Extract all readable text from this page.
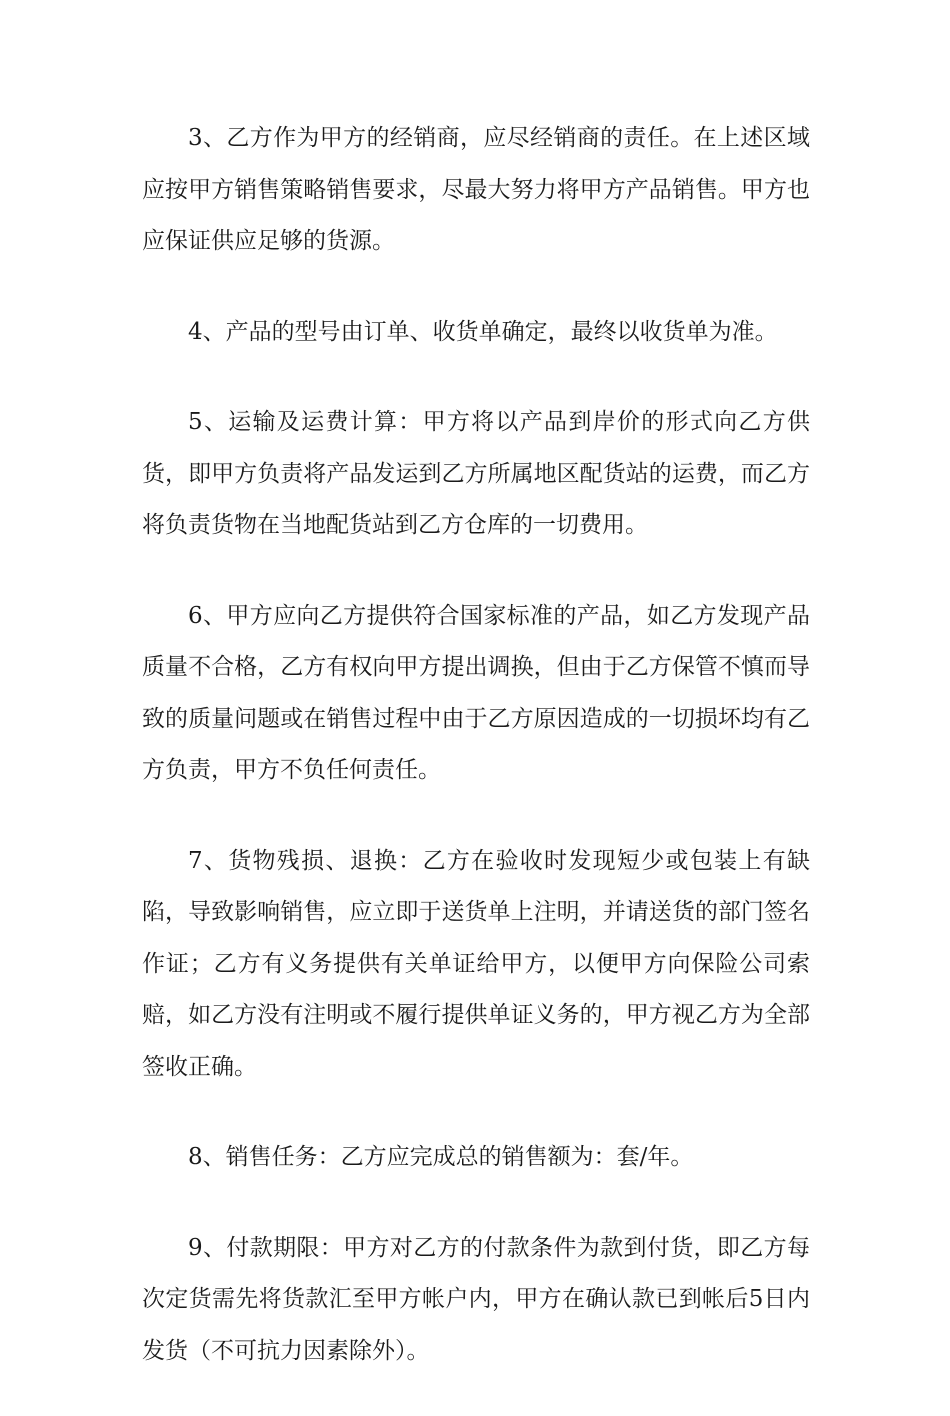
3、乙方作为甲方的经销商，应尽经销商的责任。在上述区域应按甲方销售策略销售要求，尽最大努力将甲方产品销售。甲方也应保证供应足够的货源。

4、产品的型号由订单、收货单确定，最终以收货单为准。

5、运输及运费计算：甲方将以产品到岸价的形式向乙方供货，即甲方负责将产品发运到乙方所属地区配货站的运费，而乙方将负责货物在当地配货站到乙方仓库的一切费用。

6、甲方应向乙方提供符合国家标准的产品，如乙方发现产品质量不合格，乙方有权向甲方提出调换，但由于乙方保管不慎而导致的质量问题或在销售过程中由于乙方原因造成的一切损坏均有乙方负责，甲方不负任何责任。

7、货物残损、退换：乙方在验收时发现短少或包装上有缺陷，导致影响销售，应立即于送货单上注明，并请送货的部门签名作证；乙方有义务提供有关单证给甲方，以便甲方向保险公司索赔，如乙方没有注明或不履行提供单证义务的，甲方视乙方为全部签收正确。

8、销售任务：乙方应完成总的销售额为：套/年。

9、付款期限：甲方对乙方的付款条件为款到付货，即乙方每次定货需先将货款汇至甲方帐户内，甲方在确认款已到帐后5日内发货（不可抗力因素除外）。
